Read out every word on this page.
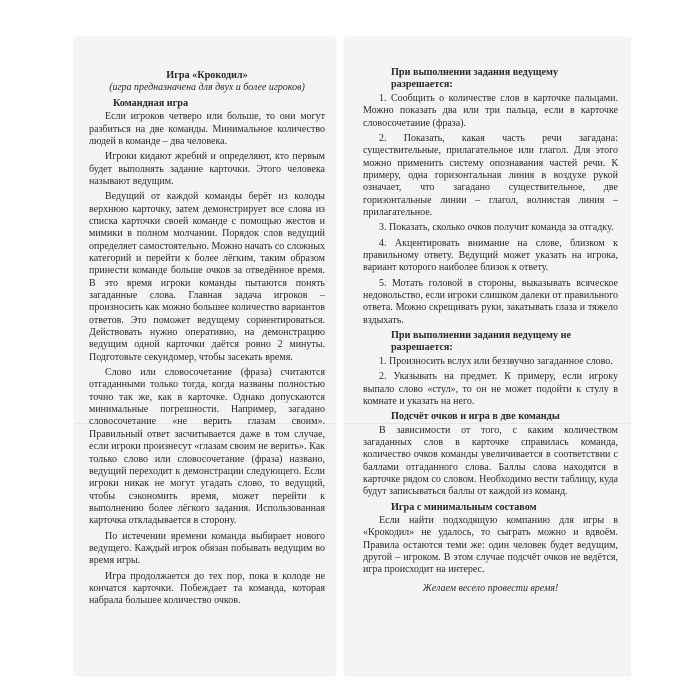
Игра «Крокодил»
(игра предназначена для двух и более игроков)
Командная игра

Если игроков четверо или больше, то они могут разбиться на две команды. Минимальное количество людей в команде – два человека.

Игроки кидают жребий и определяют, кто первым будет выполнять задание карточки. Этого человека называют ведущим.

Ведущий от каждой команды берёт из колоды верхнюю карточку, затем демонстрирует все слова из списка карточки своей команде с помощью жестов и мимики в полном молчании. Порядок слов ведущий определяет самостоятельно. Можно начать со сложных категорий и перейти к более лёгким, таким образом принести команде больше очков за отведённое время. В это время игроки команды пытаются понять загаданные слова. Главная задача игроков – произносить как можно большее количество вариантов ответов. Это поможет ведущему сориентироваться. Действовать нужно оперативно, на демонстрацию ведущим одной карточки даётся ровно 2 минуты. Подготовьте секундомер, чтобы засекать время.

Слово или словосочетание (фраза) считаются отгаданными только тогда, когда названы полностью точно так же, как в карточке. Однако допускаются минимальные погрешности. Например, загадано словосочетание «не верить глазам своим». Правильный ответ засчитывается даже в том случае, если игроки произнесут «глазам своим не верить». Как только слово или словосочетание (фраза) названо, ведущий переходит к демонстрации следующего. Если игроки никак не могут угадать слово, то ведущий, чтобы сэкономить время, может перейти к выполнению более лёгкого задания. Использованная карточка откладывается в сторону.

По истечении времени команда выбирает нового ведущего. Каждый игрок обязан побывать ведущим во время игры.

Игра продолжается до тех пор, пока в колоде не кончатся карточки. Побеждает та команда, которая набрала большее количество очков.

При выполнении задания ведущему разрешается:

1. Сообщить о количестве слов в карточке пальцами. Можно показать два или три пальца, если в карточке словосочетание (фраза).

2. Показать, какая часть речи загадана: существительные, прилагательное или глагол. Для этого можно применить систему опознавания частей речи. К примеру, одна горизонтальная линия в воздухе рукой означает, что загадано существительное, две горизонтальные линии – глагол, волнистая линия – прилагательное.

3. Показать, сколько очков получит команда за отгадку.

4. Акцентировать внимание на слове, близком к правильному ответу. Ведущий может указать на игрока, вариант которого наиболее близок к ответу.

5. Мотать головой в стороны, выказывать всяческое недовольство, если игроки слишком далеки от правильного ответа. Можно скрещивать руки, закатывать глаза и тяжело вздыхать.

При выполнении задания ведущему не разрешается:

1. Произносить вслух или беззвучно загаданное слово.

2. Указывать на предмет. К примеру, если игроку выпало слово «стул», то он не может подойти к стулу в комнате и указать на него.

Подсчёт очков и игра в две команды

В зависимости от того, с каким количеством загаданных слов в карточке справилась команда, количество очков команды увеличивается в соответствии с баллами отгаданного слова. Баллы слова находятся в карточке рядом со словом. Необходимо вести таблицу, куда будут записываться баллы от каждой из команд.

Игра с минимальным составом

Если найти подходящую компанию для игры в «Крокодил» не удалось, то сыграть можно и вдвоём. Правила остаются теми же: один человек будет ведущим, другой – игроком. В этом случае подсчёт очков не ведётся, игра происходит на интерес.

Желаем весело провести время!
